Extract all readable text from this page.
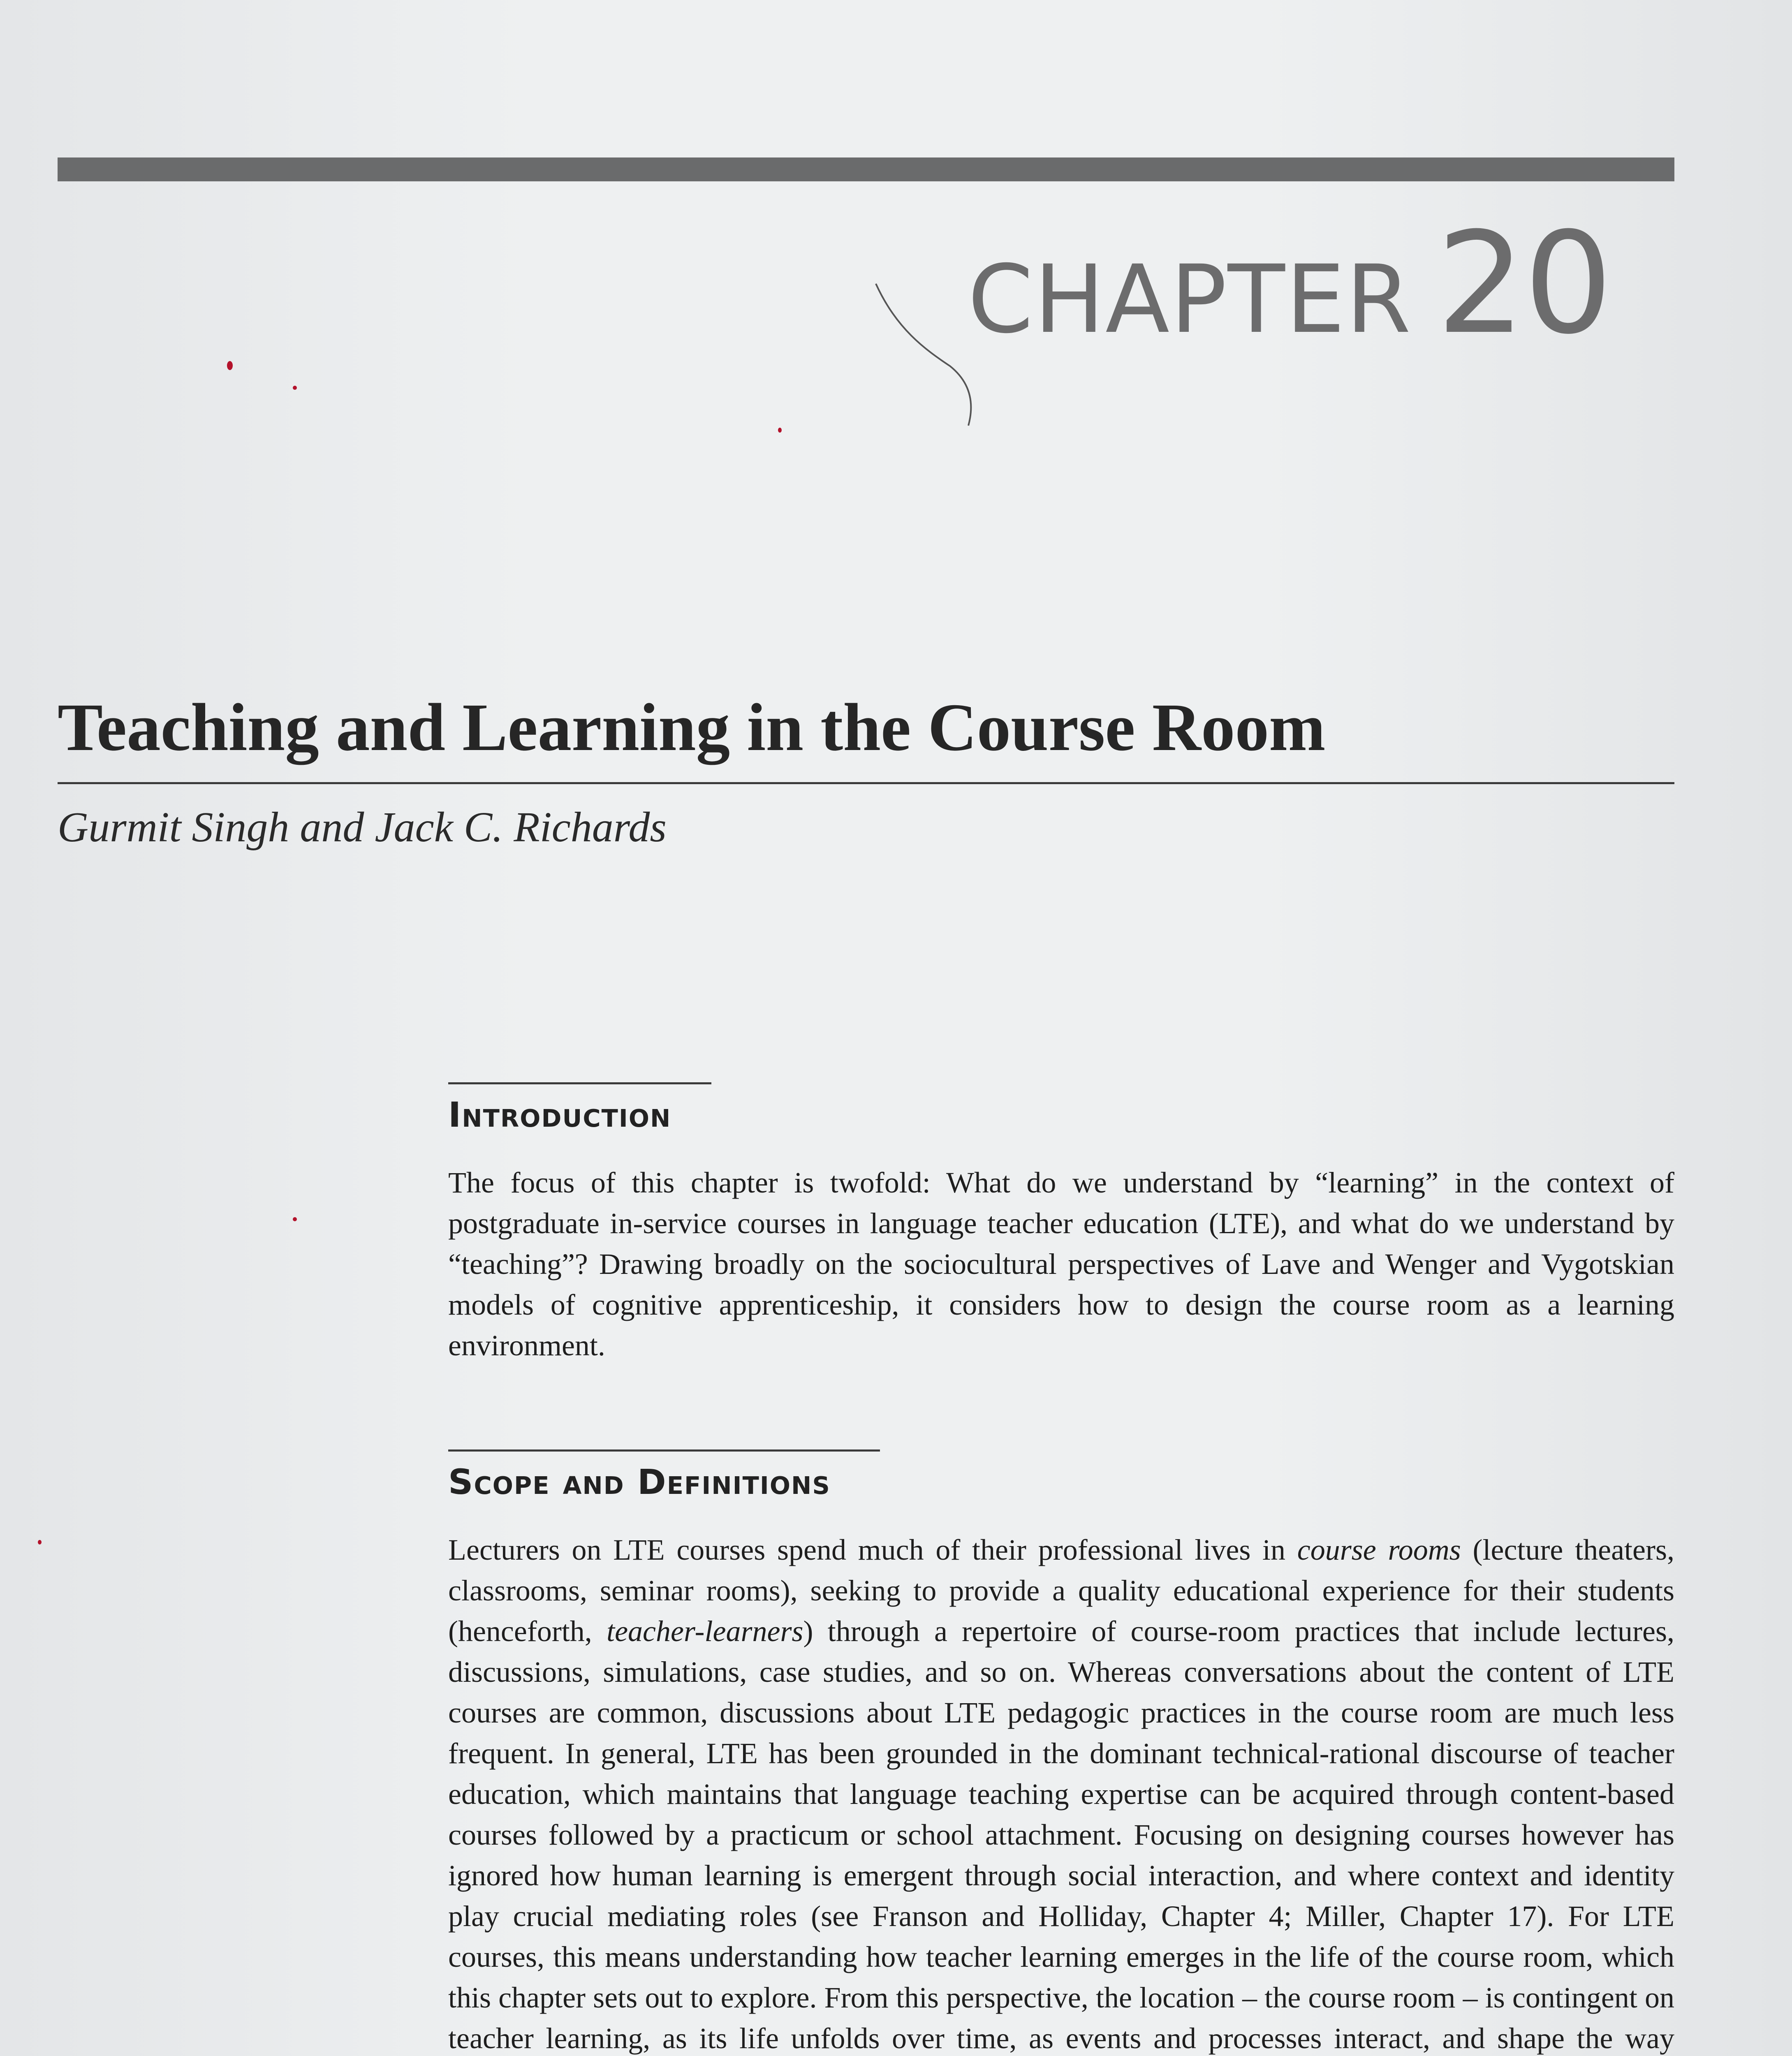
CHAPTER 20
Teaching and Learning in the Course Room
Gurmit Singh and Jack C. Richards
Introduction

The focus of this chapter is twofold: What do we understand by “learning” in the context of postgraduate in-service courses in language teacher education (LTE), and what do we understand by “teaching”? Drawing broadly on the sociocultural perspectives of Lave and Wenger and Vygotskian models of cognitive apprenticeship, it considers how to design the course room as a learning environment.

Scope and Definitions

Lecturers on LTE courses spend much of their professional lives in course rooms (lecture theaters, classrooms, seminar rooms), seeking to provide a quality educational experience for their students (henceforth, teacher-learners) through a repertoire of course-room practices that include lectures, discussions, simulations, case studies, and so on. Whereas conversations about the content of LTE courses are common, discussions about LTE pedagogic practices in the course room are much less frequent. In general, LTE has been grounded in the dominant technical-rational discourse of teacher education, which maintains that language teaching expertise can be acquired through content-based courses followed by a practicum or school attachment. Focusing on designing courses however has ignored how human learning is emergent through social interaction, and where context and identity play crucial mediating roles (see Franson and Holliday, Chapter 4; Miller, Chapter 17). For LTE courses, this means understanding how teacher learning emerges in the life of the course room, which this chapter sets out to explore. From this perspective, the location – the course room – is contingent on teacher learning, as its life unfolds over time, as events and processes interact, and shape the way
